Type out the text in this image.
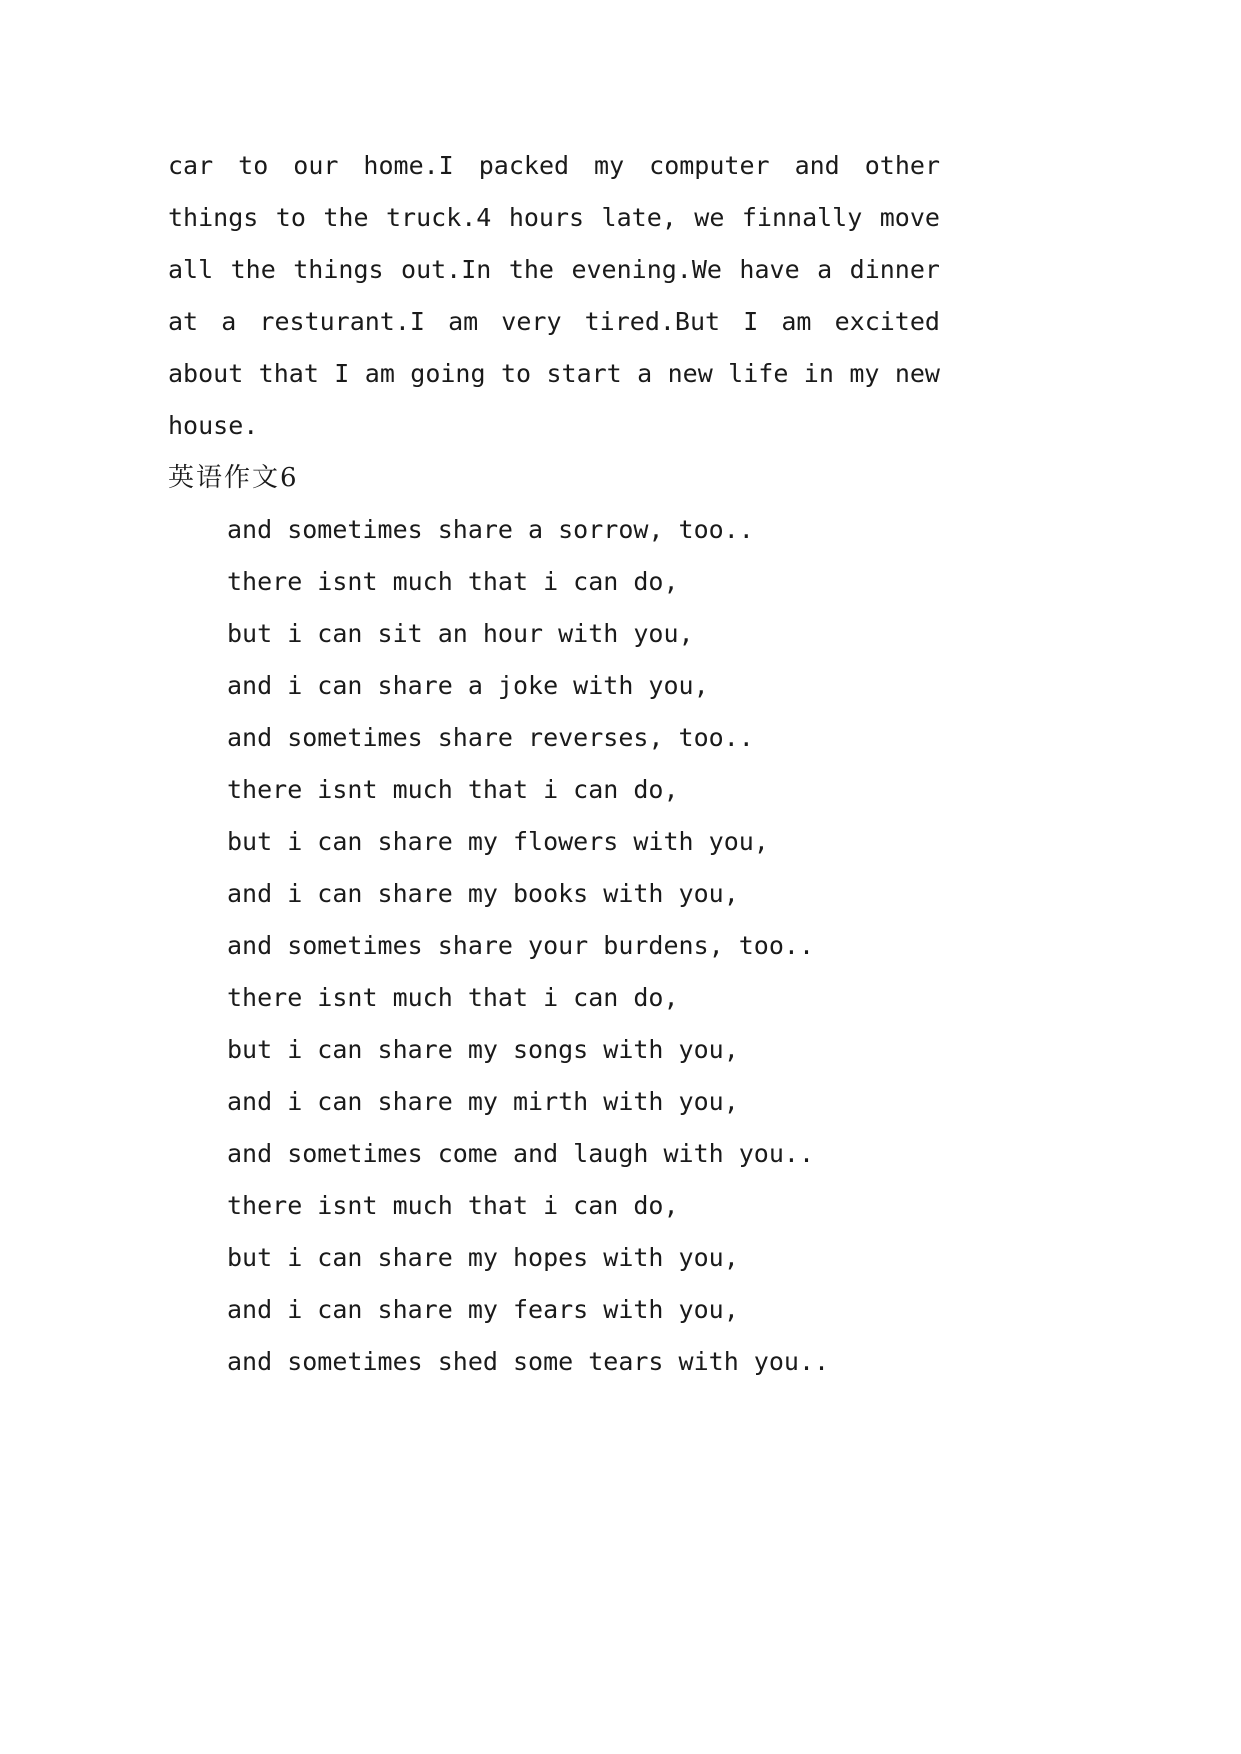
car to our home.I packed my computer and other
things to the truck.4 hours late, we finnally move
all the things out.In the evening.We have a dinner
at a resturant.I am very tired.But I am excited
about that I am going to start a new life in my new
house.
英语作文6
and sometimes share a sorrow, too..
there isnt much that i can do,
but i can sit an hour with you,
and i can share a joke with you,
and sometimes share reverses, too..
there isnt much that i can do,
but i can share my flowers with you,
and i can share my books with you,
and sometimes share your burdens, too..
there isnt much that i can do,
but i can share my songs with you,
and i can share my mirth with you,
and sometimes come and laugh with you..
there isnt much that i can do,
but i can share my hopes with you,
and i can share my fears with you,
and sometimes shed some tears with you..
